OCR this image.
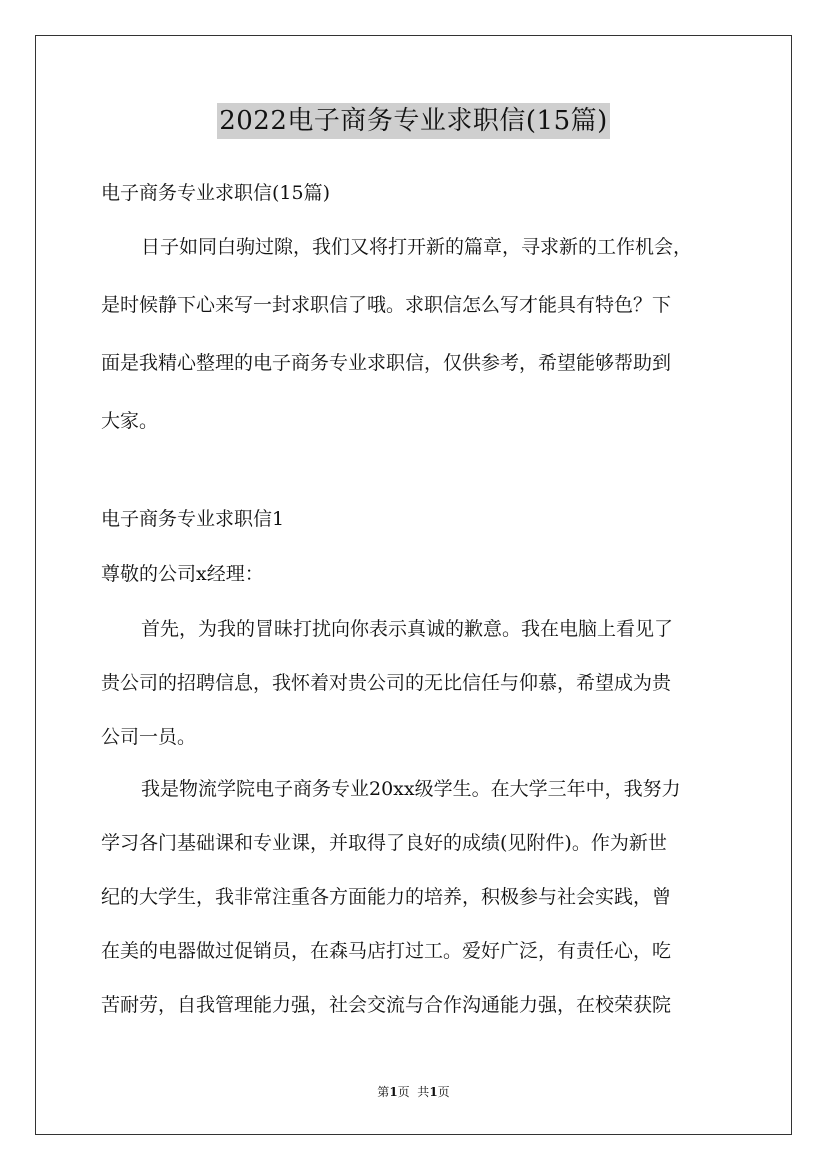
2022电子商务专业求职信(15篇)
电子商务专业求职信(15篇)
日子如同白驹过隙，我们又将打开新的篇章，寻求新的工作机会，
是时候静下心来写一封求职信了哦。求职信怎么写才能具有特色？下
面是我精心整理的电子商务专业求职信，仅供参考，希望能够帮助到
大家。
电子商务专业求职信1
尊敬的公司x经理：
首先，为我的冒昧打扰向你表示真诚的歉意。我在电脑上看见了
贵公司的招聘信息，我怀着对贵公司的无比信任与仰慕，希望成为贵
公司一员。
我是物流学院电子商务专业20xx级学生。在大学三年中，我努力
学习各门基础课和专业课，并取得了良好的成绩(见附件)。作为新世
纪的大学生，我非常注重各方面能力的培养，积极参与社会实践，曾
在美的电器做过促销员，在森马店打过工。爱好广泛，有责任心，吃
苦耐劳，自我管理能力强，社会交流与合作沟通能力强，在校荣获院
第1页  共1页
